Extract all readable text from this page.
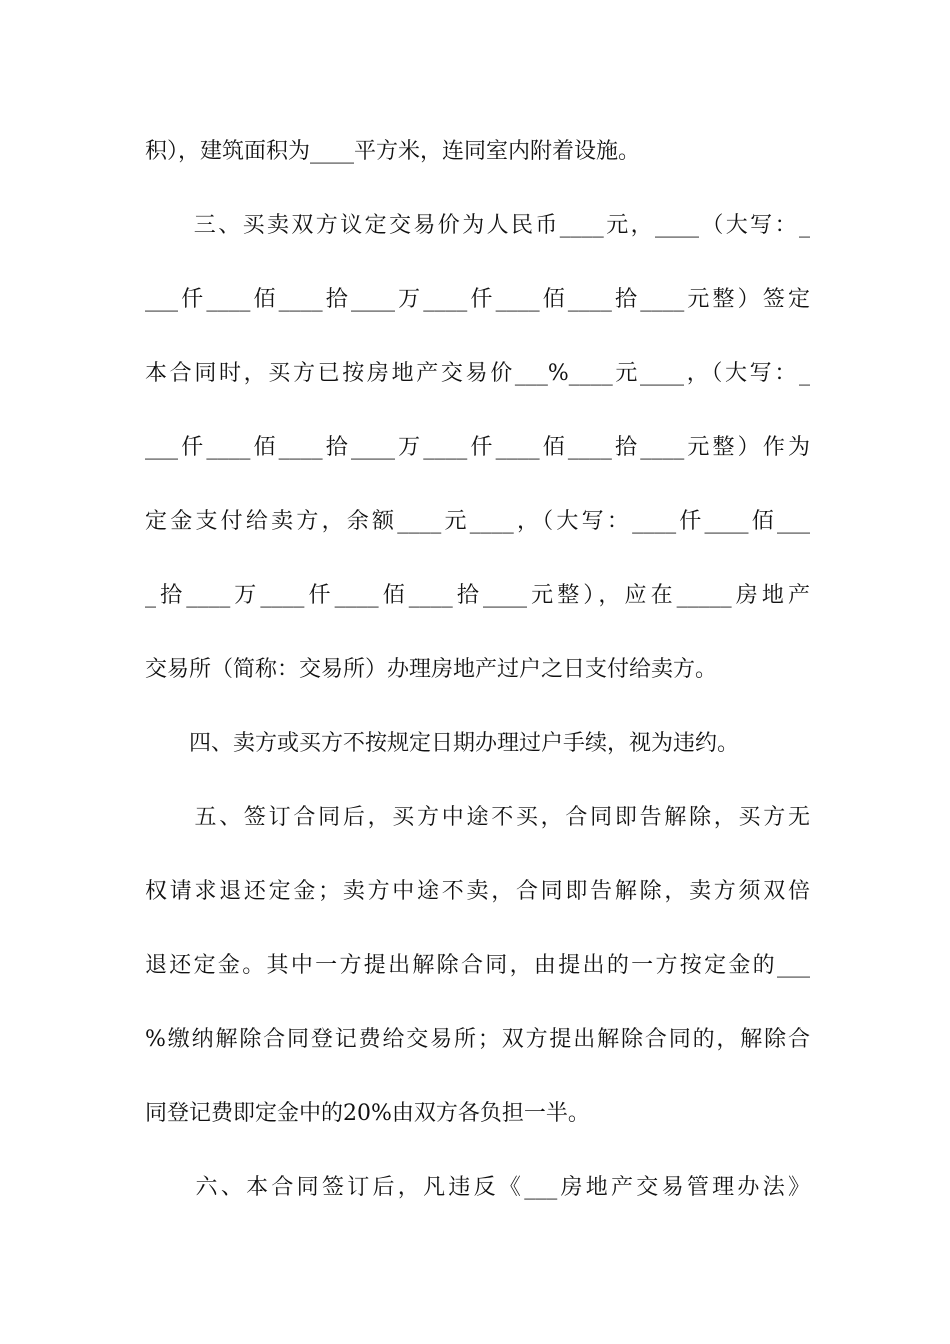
积），建筑面积为____平方米，连同室内附着设施。
　　三、买卖双方议定交易价为人民币____元，____（大写：_
___仟____佰____拾____万____仟____佰____拾____元整）签定
本合同时，买方已按房地产交易价___%____元____，（大写：_
___仟____佰____拾____万____仟____佰____拾____元整）作为
定金支付给卖方，余额____元____，（大写：____仟____佰___
_拾____万____仟____佰____拾____元整），应在_____房地产
交易所（简称：交易所）办理房地产过户之日支付给卖方。
　　四、卖方或买方不按规定日期办理过户手续，视为违约。
　　五、签订合同后，买方中途不买，合同即告解除，买方无
权请求退还定金；卖方中途不卖，合同即告解除，卖方须双倍
退还定金。其中一方提出解除合同，由提出的一方按定金的___
%缴纳解除合同登记费给交易所；双方提出解除合同的，解除合
同登记费即定金中的20%由双方各负担一半。
　　六、本合同签订后，凡违反《___房地产交易管理办法》
